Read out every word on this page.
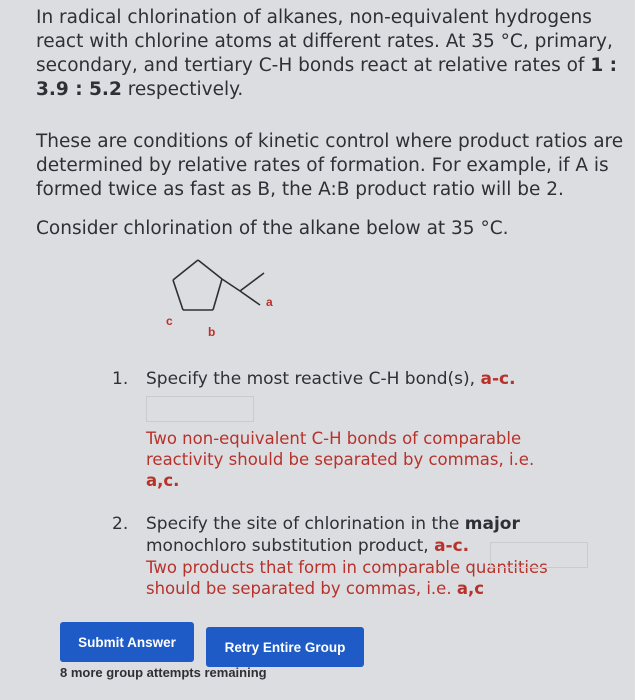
In radical chlorination of alkanes, non-equivalent hydrogens react with chlorine atoms at different rates. At 35 °C, primary, secondary, and tertiary C-H bonds react at relative rates of 1 : 3.9 : 5.2 respectively.
These are conditions of kinetic control where product ratios are determined by relative rates of formation. For example, if A is formed twice as fast as B, the A:B product ratio will be 2.
Consider chlorination of the alkane below at 35 °C.
a
b
c
1. Specify the most reactive C-H bond(s), a-c.
Two non-equivalent C-H bonds of comparable reactivity should be separated by commas, i.e.
a,c.
2. Specify the site of chlorination in the major
monochloro substitution product, a-c.
Two products that form in comparable quantities should be separated by commas, i.e. a,c
Submit Answer	Retry Entire Group
8 more group attempts remaining
